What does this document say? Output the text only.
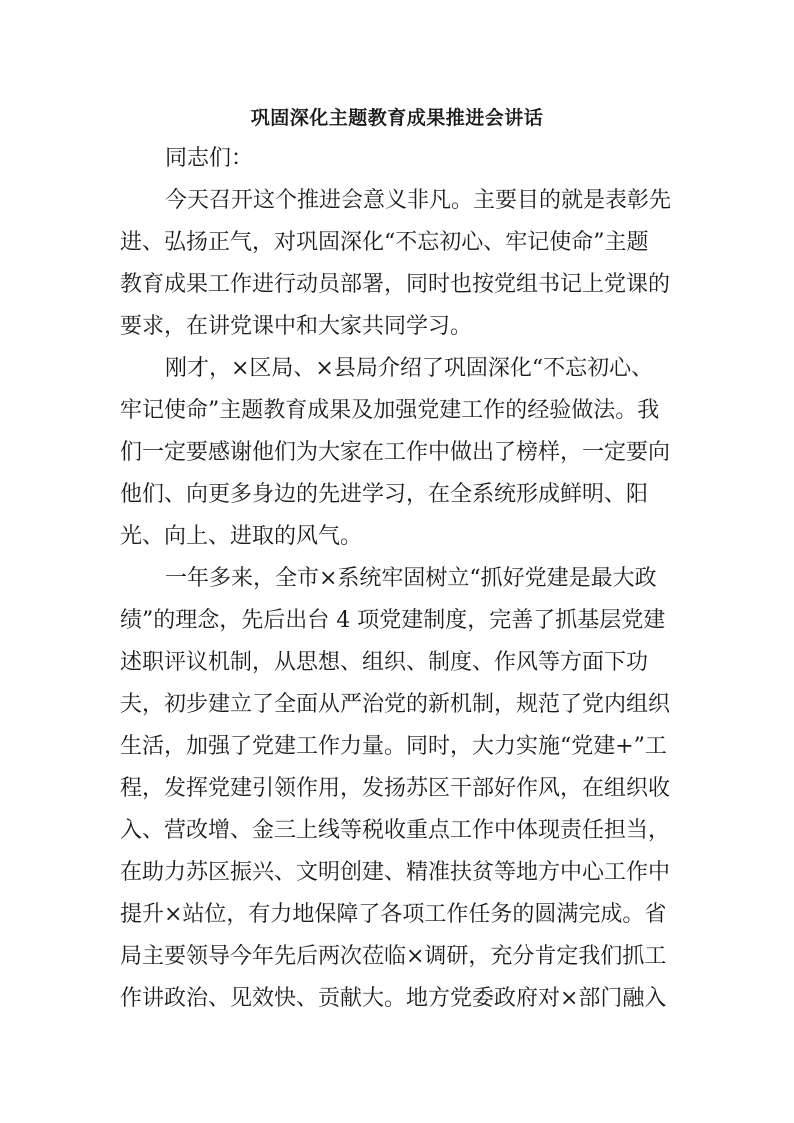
巩固深化主题教育成果推进会讲话
同志们：
今天召开这个推进会意义非凡。主要目的就是表彰先
进、弘扬正气，对巩固深化“不忘初心、牢记使命”主题
教育成果工作进行动员部署，同时也按党组书记上党课的
要求，在讲党课中和大家共同学习。
刚才，×区局、×县局介绍了巩固深化“不忘初心、
牢记使命”主题教育成果及加强党建工作的经验做法。我
们一定要感谢他们为大家在工作中做出了榜样，一定要向
他们、向更多身边的先进学习，在全系统形成鲜明、阳
光、向上、进取的风气。
一年多来，全市×系统牢固树立“抓好党建是最大政
绩”的理念，先后出台 4 项党建制度，完善了抓基层党建
述职评议机制，从思想、组织、制度、作风等方面下功
夫，初步建立了全面从严治党的新机制，规范了党内组织
生活，加强了党建工作力量。同时，大力实施“党建+”工
程，发挥党建引领作用，发扬苏区干部好作风，在组织收
入、营改增、金三上线等税收重点工作中体现责任担当，
在助力苏区振兴、文明创建、精准扶贫等地方中心工作中
提升×站位，有力地保障了各项工作任务的圆满完成。省
局主要领导今年先后两次莅临×调研，充分肯定我们抓工
作讲政治、见效快、贡献大。地方党委政府对×部门融入
